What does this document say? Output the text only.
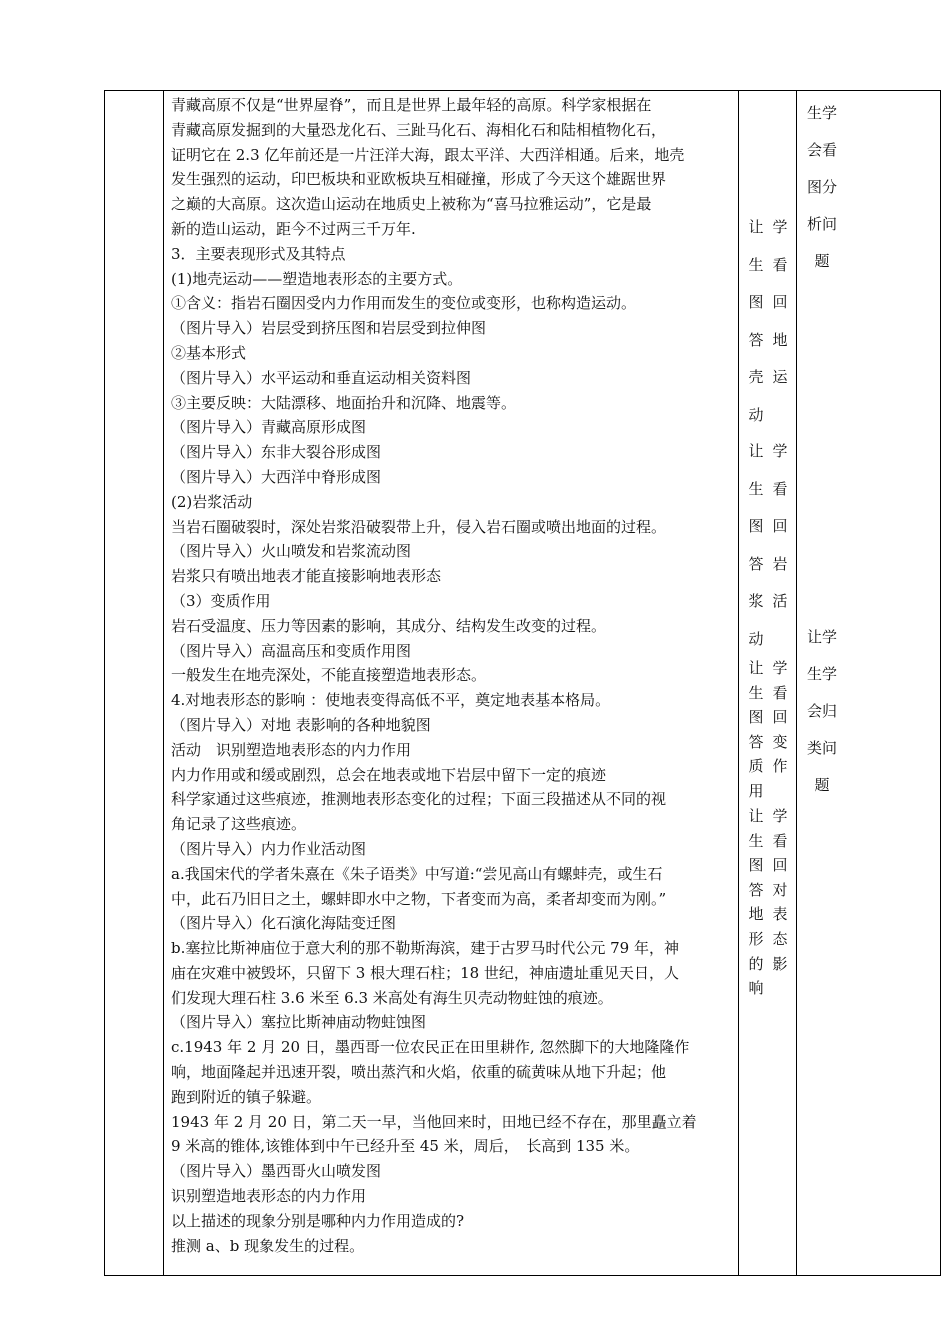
青藏高原不仅是“世界屋脊”，而且是世界上最年轻的高原。科学家根据在
青藏高原发掘到的大量恐龙化石、三趾马化石、海相化石和陆相植物化石，
证明它在 2.3 亿年前还是一片汪洋大海，跟太平洋、大西洋相通。后来，地壳
发生强烈的运动，印巴板块和亚欧板块互相碰撞，形成了今天这个雄踞世界
之巅的大高原。这次造山运动在地质史上被称为“喜马拉雅运动”，它是最
新的造山运动，距今不过两三千万年.
3．主要表现形式及其特点
(1)地壳运动——塑造地表形态的主要方式。
①含义：指岩石圈因受内力作用而发生的变位或变形，也称构造运动。
（图片导入）岩层受到挤压图和岩层受到拉伸图
②基本形式
（图片导入）水平运动和垂直运动相关资料图
③主要反映：大陆漂移、地面抬升和沉降、地震等。
（图片导入）青藏高原形成图
（图片导入）东非大裂谷形成图
（图片导入）大西洋中脊形成图
(2)岩浆活动
当岩石圈破裂时，深处岩浆沿破裂带上升，侵入岩石圈或喷出地面的过程。
（图片导入）火山喷发和岩浆流动图
岩浆只有喷出地表才能直接影响地表形态
（3）变质作用
岩石受温度、压力等因素的影响，其成分、结构发生改变的过程。
（图片导入）高温高压和变质作用图
一般发生在地壳深处，不能直接塑造地表形态。
4.对地表形态的影响 ：使地表变得高低不平，奠定地表基本格局。
（图片导入）对地 表影响的各种地貌图
活动　识别塑造地表形态的内力作用
内力作用或和缓或剧烈，总会在地表或地下岩层中留下一定的痕迹
科学家通过这些痕迹，推测地表形态变化的过程；下面三段描述从不同的视
角记录了这些痕迹。
（图片导入）内力作业活动图
a.我国宋代的学者朱熹在《朱子语类》中写道:“尝见高山有螺蚌壳，或生石
中，此石乃旧日之土，螺蚌即水中之物，下者变而为高，柔者却变而为刚。”
（图片导入）化石演化海陆变迁图
b.塞拉比斯神庙位于意大利的那不勒斯海滨，建于古罗马时代公元 79 年，神
庙在灾难中被毁坏，只留下 3 根大理石柱；18 世纪，神庙遗址重见天日，人
们发现大理石柱 3.6 米至 6.3 米高处有海生贝壳动物蛀蚀的痕迹。
（图片导入）塞拉比斯神庙动物蛀蚀图
c.1943 年 2 月 20 日，墨西哥一位农民正在田里耕作, 忽然脚下的大地隆隆作
响，地面隆起并迅速开裂，喷出蒸汽和火焰，依重的硫黄味从地下升起；他
跑到附近的镇子躲避。
1943 年 2 月 20 日，第二天一早，当他回来时，田地已经不存在，那里矗立着
9 米高的锥体,该锥体到中午已经升至 45 米，周后，　长高到 135 米。
（图片导入）墨西哥火山喷发图
识别塑造地表形态的内力作用
以上描述的现象分别是哪种内力作用造成的?
推测 a、b 现象发生的过程。
让
生
图
答
壳
动
学
看
回
地
运
让
生
图
答
浆
动
学
看
回
岩
活
让
生
图
答
质
用
学
看
回
变
作
让
生
图
答
地
形
的
响
学
看
回
对
表
态
影
生学
会看
图分
析问
题
让学
生学
会归
类问
题
